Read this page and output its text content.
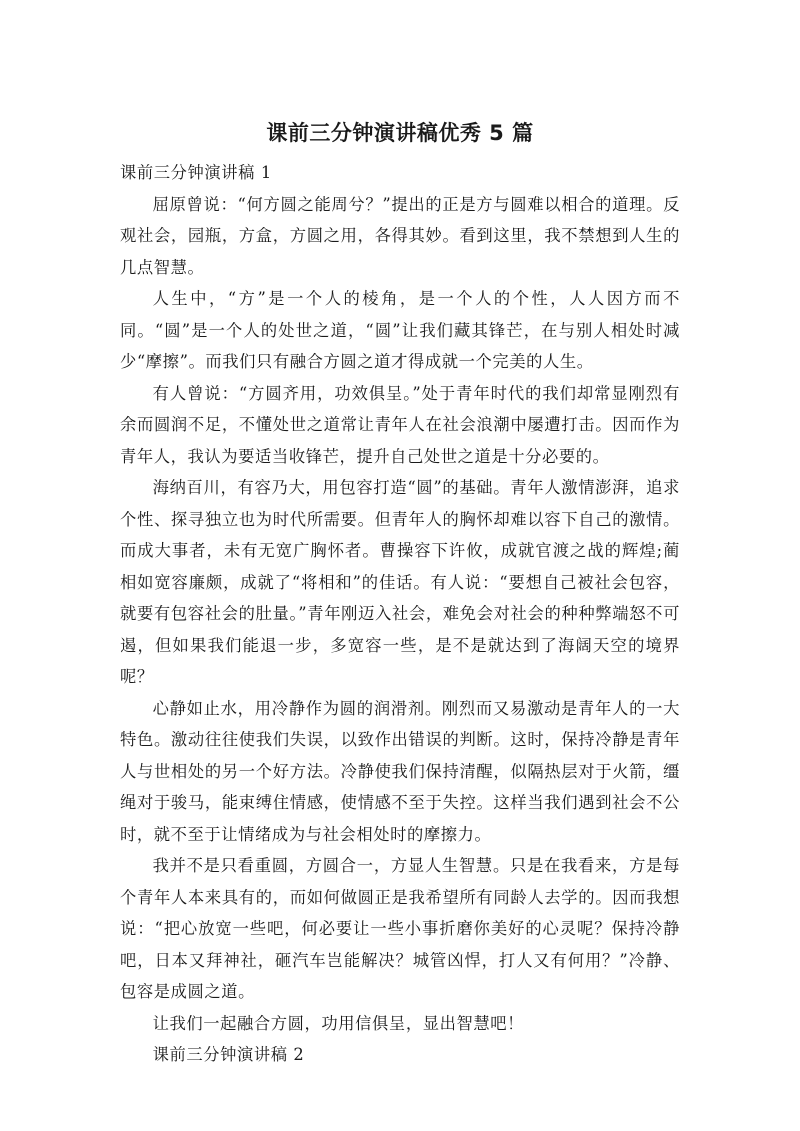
课前三分钟演讲稿优秀 5 篇

课前三分钟演讲稿 1

屈原曾说：“何方圆之能周兮？”提出的正是方与圆难以相合的道理。反观社会，园瓶，方盒，方圆之用，各得其妙。看到这里，我不禁想到人生的几点智慧。

人生中，“方”是一个人的棱角，是一个人的个性，人人因方而不同。“圆”是一个人的处世之道，“圆”让我们藏其锋芒，在与别人相处时减少“摩擦”。而我们只有融合方圆之道才得成就一个完美的人生。

有人曾说：“方圆齐用，功效俱呈。”处于青年时代的我们却常显刚烈有余而圆润不足，不懂处世之道常让青年人在社会浪潮中屡遭打击。因而作为青年人，我认为要适当收锋芒，提升自己处世之道是十分必要的。

海纳百川，有容乃大，用包容打造“圆”的基础。青年人激情澎湃，追求个性、探寻独立也为时代所需要。但青年人的胸怀却难以容下自己的激情。而成大事者，未有无宽广胸怀者。曹操容下许攸，成就官渡之战的辉煌;蔺相如宽容廉颇，成就了“将相和”的佳话。有人说：“要想自己被社会包容，就要有包容社会的肚量。”青年刚迈入社会，难免会对社会的种种弊端怒不可遏，但如果我们能退一步，多宽容一些，是不是就达到了海阔天空的境界呢？

心静如止水，用冷静作为圆的润滑剂。刚烈而又易激动是青年人的一大特色。激动往往使我们失误，以致作出错误的判断。这时，保持冷静是青年人与世相处的另一个好方法。冷静使我们保持清醒，似隔热层对于火箭，缰绳对于骏马，能束缚住情感，使情感不至于失控。这样当我们遇到社会不公时，就不至于让情绪成为与社会相处时的摩擦力。

我并不是只看重圆，方圆合一，方显人生智慧。只是在我看来，方是每个青年人本来具有的，而如何做圆正是我希望所有同龄人去学的。因而我想说：“把心放宽一些吧，何必要让一些小事折磨你美好的心灵呢？保持冷静吧，日本又拜神社，砸汽车岂能解决？城管凶悍，打人又有何用？”冷静、包容是成圆之道。

让我们一起融合方圆，功用信俱呈，显出智慧吧！

课前三分钟演讲稿 2
